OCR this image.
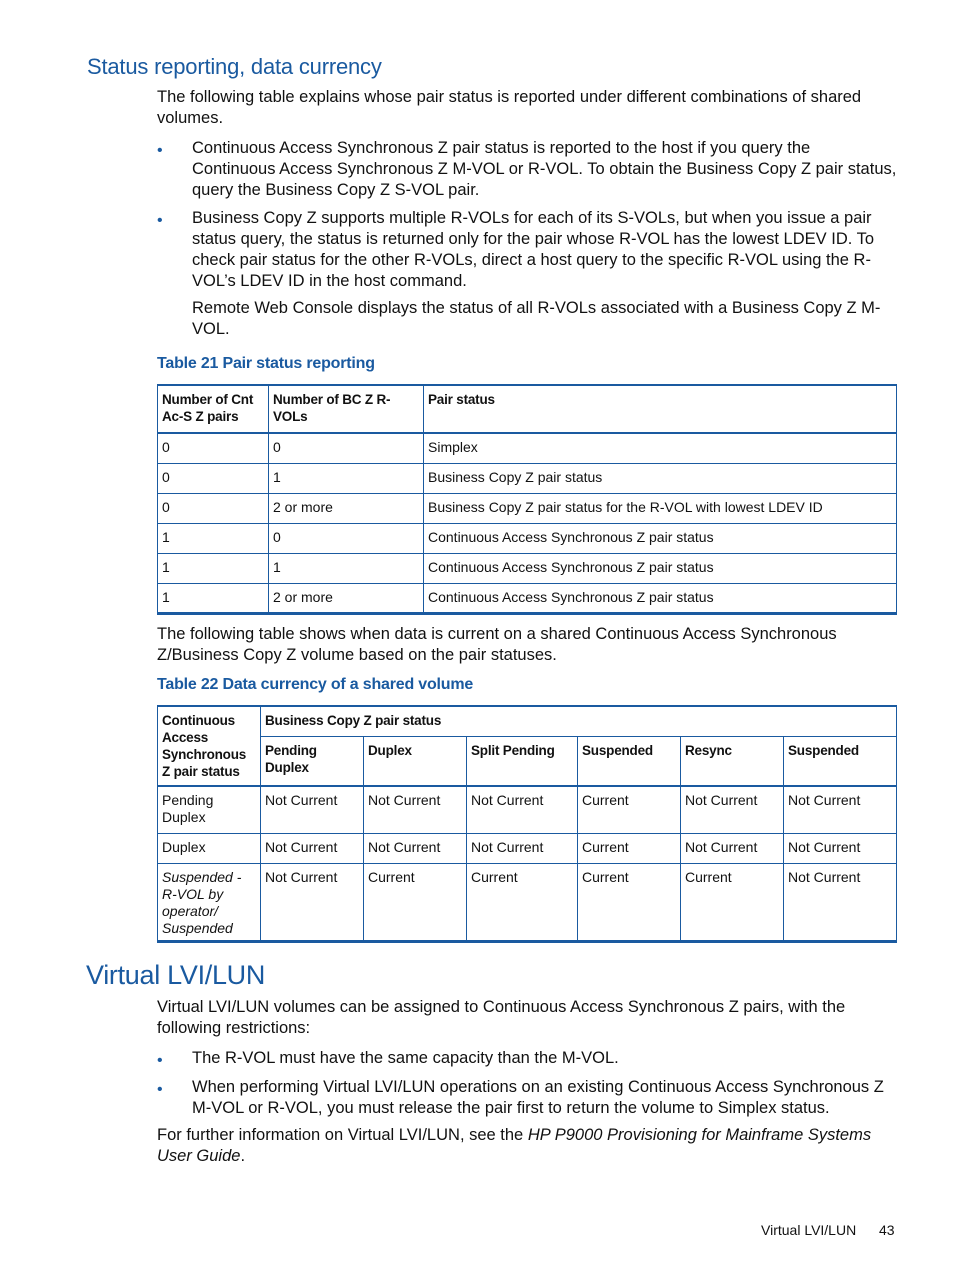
Status reporting, data currency

The following table explains whose pair status is reported under different combinations of shared volumes.

• Continuous Access Synchronous Z pair status is reported to the host if you query the Continuous Access Synchronous Z M-VOL or R-VOL. To obtain the Business Copy Z pair status, query the Business Copy Z S-VOL pair.

• Business Copy Z supports multiple R-VOLs for each of its S-VOLs, but when you issue a pair status query, the status is returned only for the pair whose R-VOL has the lowest LDEV ID. To check pair status for the other R-VOLs, direct a host query to the specific R-VOL using the R-VOL’s LDEV ID in the host command.

Remote Web Console displays the status of all R-VOLs associated with a Business Copy Z M-VOL.

Table 21 Pair status reporting
Number of Cnt Ac-S Z pairs	Number of BC Z R-VOLs	Pair status
0	0	Simplex
0	1	Business Copy Z pair status
0	2 or more	Business Copy Z pair status for the R-VOL with lowest LDEV ID
1	0	Continuous Access Synchronous Z pair status
1	1	Continuous Access Synchronous Z pair status
1	2 or more	Continuous Access Synchronous Z pair status

The following table shows when data is current on a shared Continuous Access Synchronous Z/Business Copy Z volume based on the pair statuses.

Table 22 Data currency of a shared volume
Continuous Access Synchronous Z pair status	Business Copy Z pair status					
	Pending Duplex	Duplex	Split Pending	Suspended	Resync	Suspended
Pending Duplex	Not Current	Not Current	Not Current	Current	Not Current	Not Current
Duplex	Not Current	Not Current	Not Current	Current	Not Current	Not Current
Suspended -R-VOL by operator/ Suspended	Not Current	Current	Current	Current	Current	Not Current
Virtual LVI/LUN

Virtual LVI/LUN volumes can be assigned to Continuous Access Synchronous Z pairs, with the following restrictions:

• The R-VOL must have the same capacity than the M-VOL.

• When performing Virtual LVI/LUN operations on an existing Continuous Access Synchronous Z M-VOL or R-VOL, you must release the pair first to return the volume to Simplex status.

For further information on Virtual LVI/LUN, see the HP P9000 Provisioning for Mainframe Systems User Guide.

Virtual LVI/LUN 43
